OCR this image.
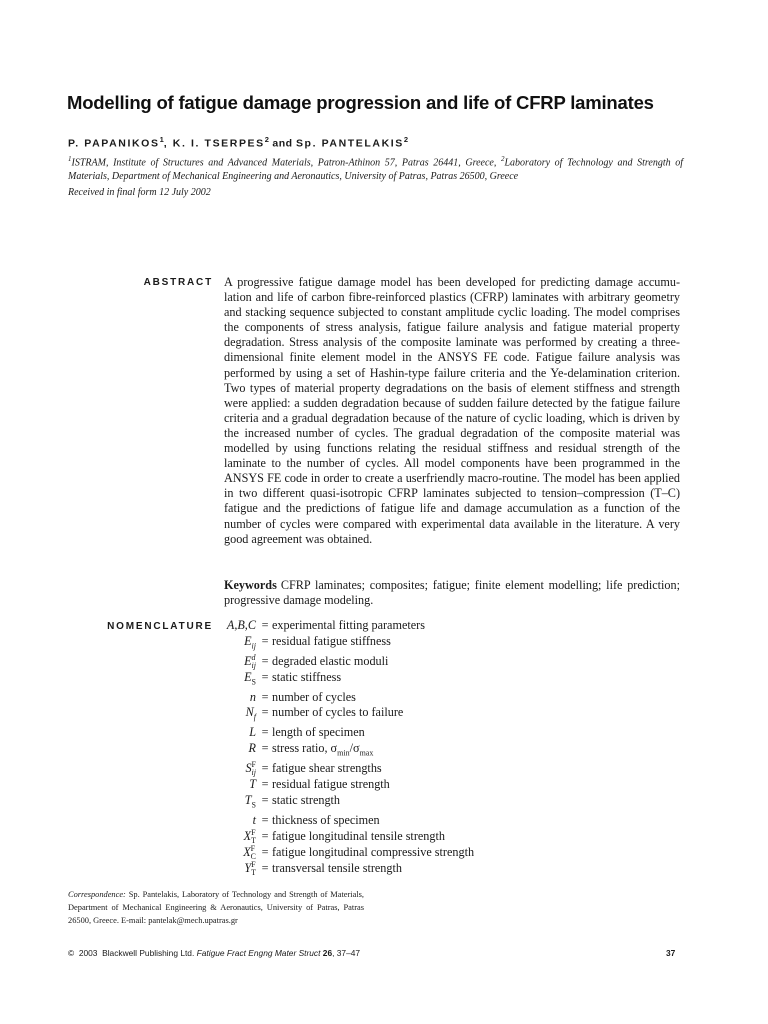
Modelling of fatigue damage progression and life of CFRP laminates
P. PAPANIKOS$^1$, K. I. TSERPES$^2$ and Sp. PANTELAKIS$^2$
$^1$ISTRAM, Institute of Structures and Advanced Materials, Patron-Athinon 57, Patras 26441, Greece, $^2$Laboratory of Technology and Strength of Materials, Department of Mechanical Engineering and Aeronautics, University of Patras, Patras 26500, Greece
Received in final form 12 July 2002
ABSTRACT A progressive fatigue damage model has been developed for predicting damage accumulation and life of carbon fibre-reinforced plastics (CFRP) laminates with arbitrary geometry and stacking sequence subjected to constant amplitude cyclic loading. The model comprises the components of stress analysis, fatigue failure analysis and fatigue material property degradation. Stress analysis of the composite laminate was performed by creating a three-dimensional finite element model in the ANSYS FE code. Fatigue failure analysis was performed by using a set of Hashin-type failure criteria and the Ye-delamination criterion. Two types of material property degradations on the basis of element stiffness and strength were applied: a sudden degradation because of sudden failure detected by the fatigue failure criteria and a gradual degradation because of the nature of cyclic loading, which is driven by the increased number of cycles. The gradual degradation of the composite material was modelled by using functions relating the residual stiffness and residual strength of the laminate to the number of cycles. All model components have been programmed in the ANSYS FE code in order to create a userfriendly macro-routine. The model has been applied in two different quasi-isotropic CFRP laminates subjected to tension–compression (T–C) fatigue and the predictions of fatigue life and damage accumulation as a function of the number of cycles were compared with experimental data available in the literature. A very good agreement was obtained.
Keywords CFRP laminates; composites; fatigue; finite element modelling; life prediction; progressive damage modeling.
NOMENCLATURE	A,B,C = experimental fitting parameters
$E_{ij}$ = residual fatigue stiffness
E d
ij = degraded elastic moduli
$E_S$ = static stiffness
n = number of cycles
$N_f$ = number of cycles to failure
L = length of specimen
R = stress ratio, $\sigma_{min}/\sigma_{max}$
S F
ij = fatigue shear strengths
T = residual fatigue strength
$T_S$ = static strength
t = thickness of specimen
X F
T = fatigue longitudinal tensile strength
X F
C = fatigue longitudinal compressive strength
Y F
T = transversal tensile strength
Correspondence: Sp. Pantelakis, Laboratory of Technology and Strength of Materials, Department of Mechanical Engineering & Aeronautics, University of Patras, Patras 26500, Greece. E-mail: pantelak@mech.upatras.gr
©  2003  Blackwell Publishing Ltd. Fatigue Fract Engng Mater Struct 26, 37–47	37
